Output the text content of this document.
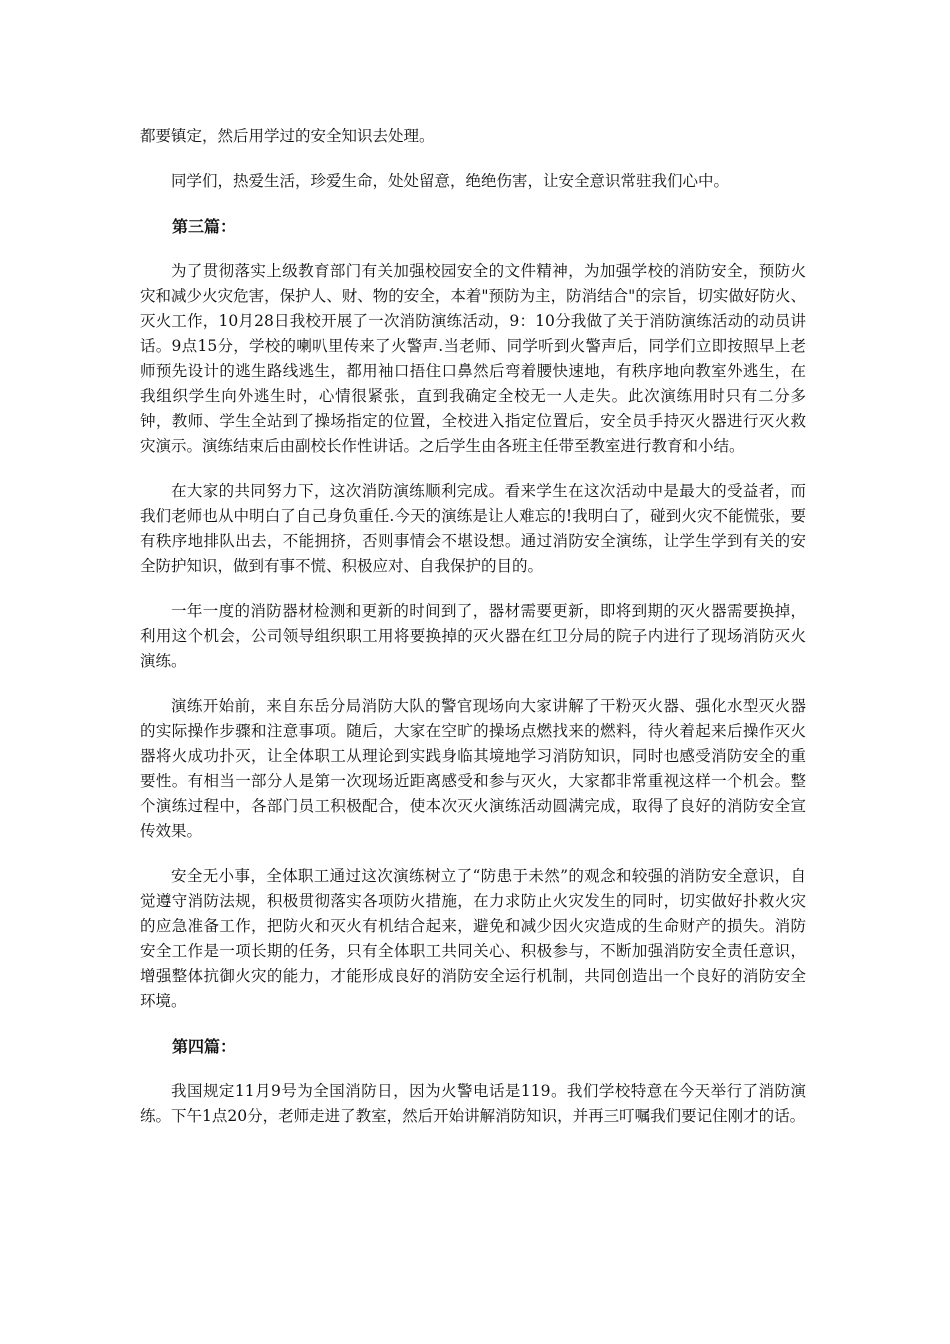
都要镇定，然后用学过的安全知识去处理。

同学们，热爱生活，珍爱生命，处处留意，绝绝伤害，让安全意识常驻我们心中。

第三篇：

为了贯彻落实上级教育部门有关加强校园安全的文件精神，为加强学校的消防安全，预防火灾和减少火灾危害，保护人、财、物的安全，本着"预防为主，防消结合"的宗旨，切实做好防火、灭火工作，10月28日我校开展了一次消防演练活动，9：10分我做了关于消防演练活动的动员讲话。9点15分，学校的喇叭里传来了火警声.当老师、同学听到火警声后，同学们立即按照早上老师预先设计的逃生路线逃生，都用袖口捂住口鼻然后弯着腰快速地，有秩序地向教室外逃生，在我组织学生向外逃生时，心情很紧张，直到我确定全校无一人走失。此次演练用时只有二分多钟，教师、学生全站到了操场指定的位置，全校进入指定位置后，安全员手持灭火器进行灭火救灾演示。演练结束后由副校长作性讲话。之后学生由各班主任带至教室进行教育和小结。

在大家的共同努力下，这次消防演练顺利完成。看来学生在这次活动中是最大的受益者，而我们老师也从中明白了自己身负重任.今天的演练是让人难忘的!我明白了，碰到火灾不能慌张，要有秩序地排队出去，不能拥挤，否则事情会不堪设想。通过消防安全演练，让学生学到有关的安全防护知识，做到有事不慌、积极应对、自我保护的目的。

一年一度的消防器材检测和更新的时间到了，器材需要更新，即将到期的灭火器需要换掉，利用这个机会，公司领导组织职工用将要换掉的灭火器在红卫分局的院子内进行了现场消防灭火演练。

演练开始前，来自东岳分局消防大队的警官现场向大家讲解了干粉灭火器、强化水型灭火器的实际操作步骤和注意事项。随后，大家在空旷的操场点燃找来的燃料，待火着起来后操作灭火器将火成功扑灭，让全体职工从理论到实践身临其境地学习消防知识，同时也感受消防安全的重要性。有相当一部分人是第一次现场近距离感受和参与灭火，大家都非常重视这样一个机会。整个演练过程中，各部门员工积极配合，使本次灭火演练活动圆满完成，取得了良好的消防安全宣传效果。

安全无小事，全体职工通过这次演练树立了“防患于未然”的观念和较强的消防安全意识，自觉遵守消防法规，积极贯彻落实各项防火措施，在力求防止火灾发生的同时，切实做好扑救火灾的应急准备工作，把防火和灭火有机结合起来，避免和减少因火灾造成的生命财产的损失。消防安全工作是一项长期的任务，只有全体职工共同关心、积极参与，不断加强消防安全责任意识，增强整体抗御火灾的能力，才能形成良好的消防安全运行机制，共同创造出一个良好的消防安全环境。

第四篇：

我国规定11月9号为全国消防日，因为火警电话是119。我们学校特意在今天举行了消防演练。下午1点20分，老师走进了教室，然后开始讲解消防知识，并再三叮嘱我们要记住刚才的话。
